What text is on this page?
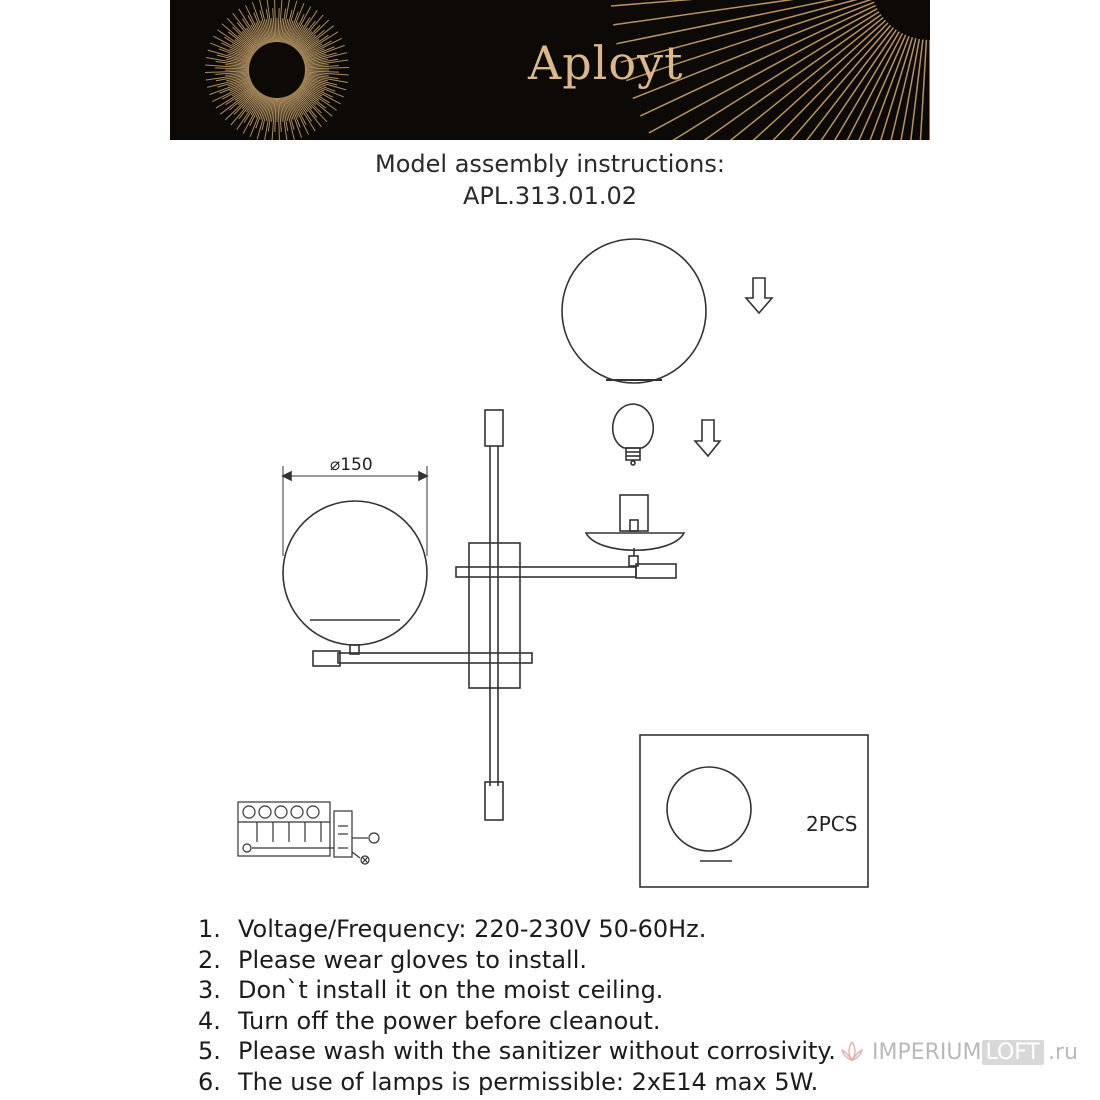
Aployt
Model assembly instructions:
APL.313.01.02
⌀150
2PCS
1. Voltage/Frequency: 220-230V 50-60Hz.
2. Please wear gloves to install.
3. Don`t install it on the moist ceiling.
4. Turn off the power before cleanout.
5. Please wash with the sanitizer without corrosivity.
6. The use of lamps is permissible: 2xE14 max 5W.
IMPERIUM LOFT .ru
